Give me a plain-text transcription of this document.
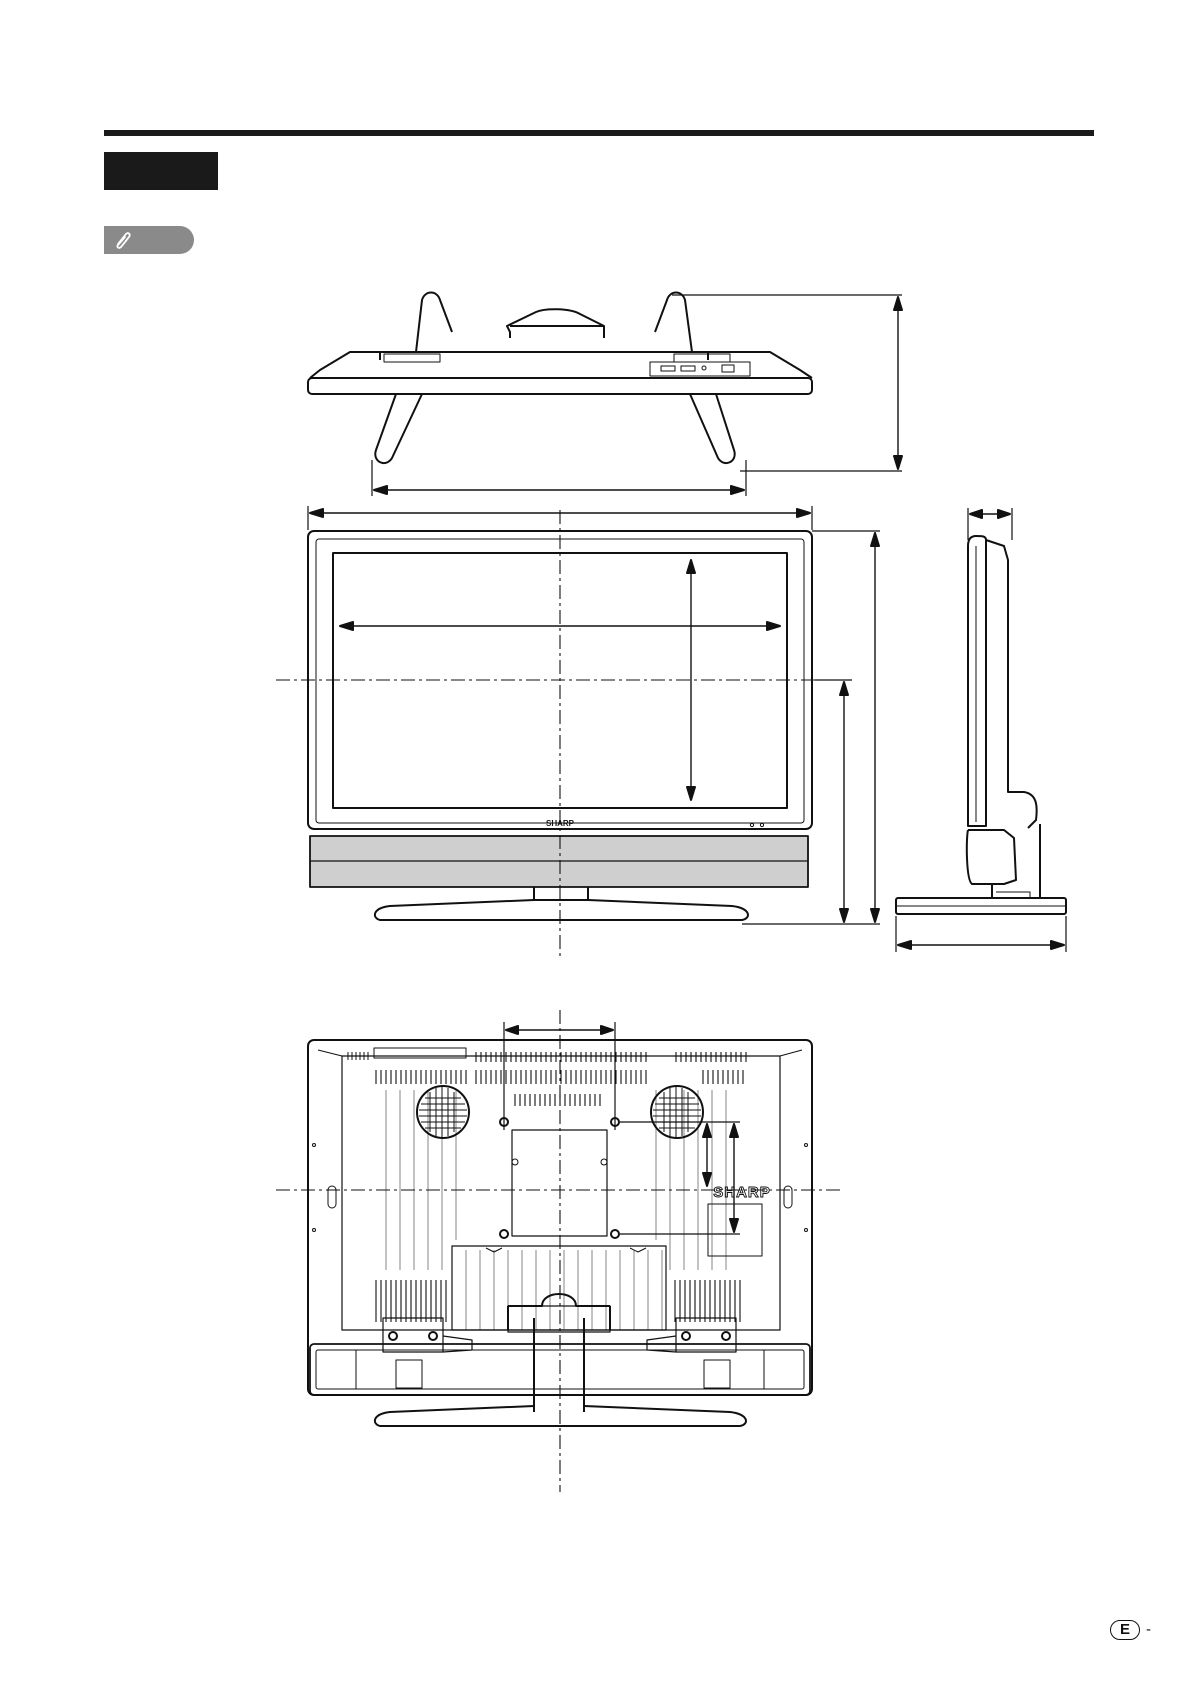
SHARP
SHARP
E	-
